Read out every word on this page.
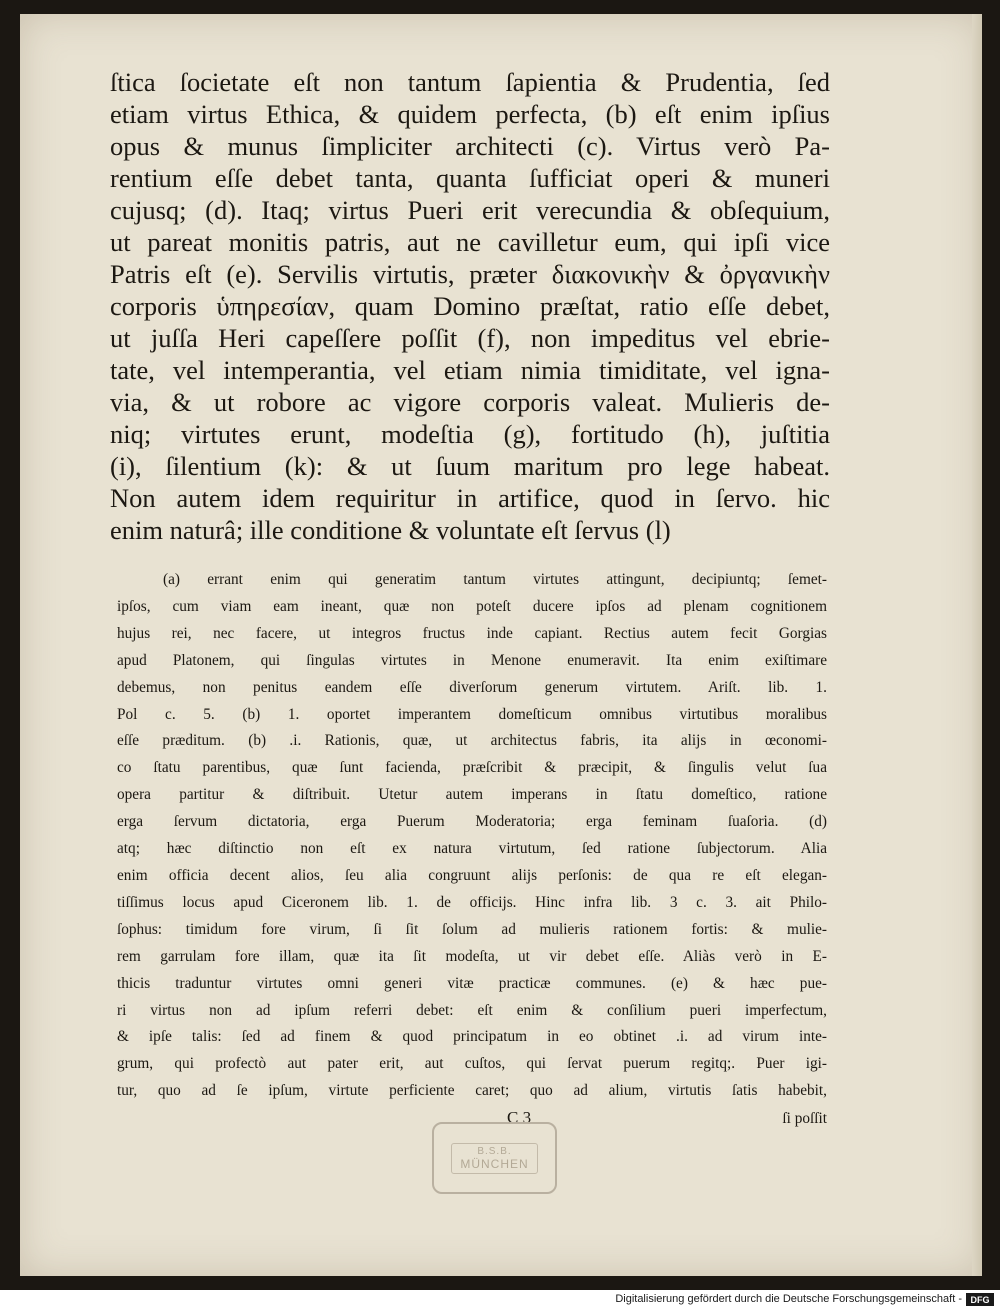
ſtica ſocietate eſt non tantum ſapientia & Prudentia, ſed
etiam virtus Ethica, & quidem perfecta, (b) eſt enim ipſius
opus & munus ſimpliciter architecti (c). Virtus verò Pa-
rentium eſſe debet tanta, quanta ſufficiat operi & muneri
cujusq; (d). Itaq; virtus Pueri erit verecundia & obſequium,
ut pareat monitis patris, aut ne cavilletur eum, qui ipſi vice
Patris eſt (e). Servilis virtutis, præter διακονικὴν & ὀργανικὴν
corporis ὑπηρεσίαν, quam Domino præſtat, ratio eſſe debet,
ut juſſa Heri capeſſere poſſit (f), non impeditus vel ebrie-
tate, vel intemperantia, vel etiam nimia timiditate, vel igna-
via, & ut robore ac vigore corporis valeat. Mulieris de-
niq; virtutes erunt, modeſtia (g), fortitudo (h), juſtitia
(i), ſilentium (k): & ut ſuum maritum pro lege habeat.
Non autem idem requiritur in artifice, quod in ſervo. hic
enim naturâ; ille conditione & voluntate eſt ſervus (l)
(a) errant enim qui generatim tantum virtutes attingunt, decipiuntq; ſemet-
ipſos, cum viam eam ineant, quæ non poteſt ducere ipſos ad plenam cognitionem
hujus rei, nec facere, ut integros fructus inde capiant. Rectius autem fecit Gorgias
apud Platonem, qui ſingulas virtutes in Menone enumeravit. Ita enim exiſtimare
debemus, non penitus eandem eſſe diverſorum generum virtutem. Ariſt. lib. 1.
Pol c. 5. (b) 1. oportet imperantem domeſticum omnibus virtutibus moralibus
eſſe præditum. (b) .i. Rationis, quæ, ut architectus fabris, ita alijs in œconomi-
co ſtatu parentibus, quæ ſunt facienda, præſcribit & præcipit, & ſingulis velut ſua
opera partitur & diſtribuit. Utetur autem imperans in ſtatu domeſtico, ratione
erga ſervum dictatoria, erga Puerum Moderatoria; erga feminam ſuaſoria. (d)
atq; hæc diſtinctio non eſt ex natura virtutum, ſed ratione ſubjectorum. Alia
enim officia decent alios, ſeu alia congruunt alijs perſonis: de qua re eſt elegan-
tiſſimus locus apud Ciceronem lib. 1. de officijs. Hinc infra lib. 3 c. 3. ait Philo-
ſophus: timidum fore virum, ſi ſit ſolum ad mulieris rationem fortis: & mulie-
rem garrulam fore illam, quæ ita ſit modeſta, ut vir debet eſſe. Aliàs verò in E-
thicis traduntur virtutes omni generi vitæ practicæ communes. (e) & hæc pue-
ri virtus non ad ipſum referri debet: eſt enim & conſilium pueri imperfectum,
& ipſe talis: ſed ad finem & quod principatum in eo obtinet .i. ad virum inte-
grum, qui profectò aut pater erit, aut cuſtos, qui ſervat puerum regitq;. Puer igi-
tur, quo ad ſe ipſum, virtute perficiente caret; quo ad alium, virtutis ſatis habebit,
C 3	ſi poſſit
B.S.B.
MÜNCHEN
Digitalisierung gefördert durch die Deutsche Forschungsgemeinschaft - DFG
